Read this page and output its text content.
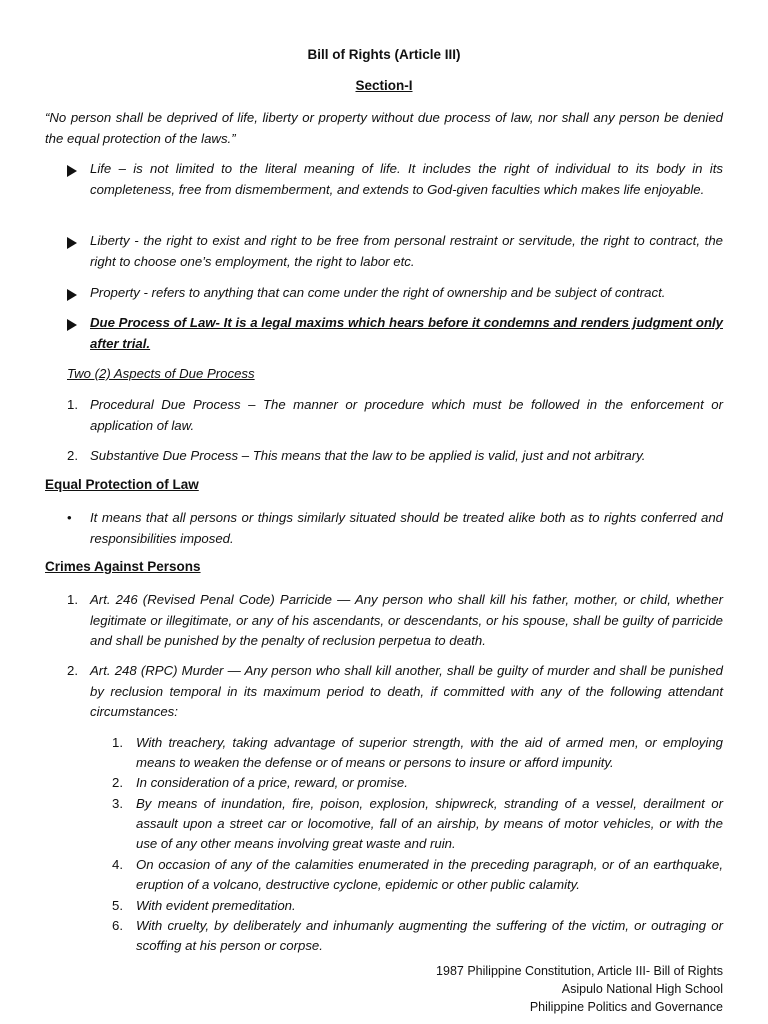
Bill of Rights (Article III)
Section-I
“No person shall be deprived of life, liberty or property without due process of law, nor shall any person be denied the equal protection of the laws.”
Life – is not limited to the literal meaning of life. It includes the right of individual to its body in its completeness, free from dismemberment, and extends to God-given faculties which makes life enjoyable.
Liberty - the right to exist and right to be free from personal restraint or servitude, the right to contract, the right to choose one’s employment, the right to labor etc.
Property - refers to anything that can come under the right of ownership and be subject of contract.
Due Process of Law- It is a legal maxims which hears before it condemns and renders judgment only after trial.
Two (2) Aspects of Due Process
1. Procedural Due Process – The manner or procedure which must be followed in the enforcement or application of law.
2. Substantive Due Process – This means that the law to be applied is valid, just and not arbitrary.
Equal Protection of Law
• It means that all persons or things similarly situated should be treated alike both as to rights conferred and responsibilities imposed.
Crimes Against Persons
1. Art. 246 (Revised Penal Code) Parricide — Any person who shall kill his father, mother, or child, whether legitimate or illegitimate, or any of his ascendants, or descendants, or his spouse, shall be guilty of parricide and shall be punished by the penalty of reclusion perpetua to death.
2. Art. 248 (RPC) Murder — Any person who shall kill another, shall be guilty of murder and shall be punished by reclusion temporal in its maximum period to death, if committed with any of the following attendant circumstances:
1. With treachery, taking advantage of superior strength, with the aid of armed men, or employing means to weaken the defense or of means or persons to insure or afford impunity.
2. In consideration of a price, reward, or promise.
3. By means of inundation, fire, poison, explosion, shipwreck, stranding of a vessel, derailment or assault upon a street car or locomotive, fall of an airship, by means of motor vehicles, or with the use of any other means involving great waste and ruin.
4. On occasion of any of the calamities enumerated in the preceding paragraph, or of an earthquake, eruption of a volcano, destructive cyclone, epidemic or other public calamity.
5. With evident premeditation.
6. With cruelty, by deliberately and inhumanly augmenting the suffering of the victim, or outraging or scoffing at his person or corpse.
1987 Philippine Constitution, Article III- Bill of Rights
Asipulo National High School
Philippine Politics and Governance
